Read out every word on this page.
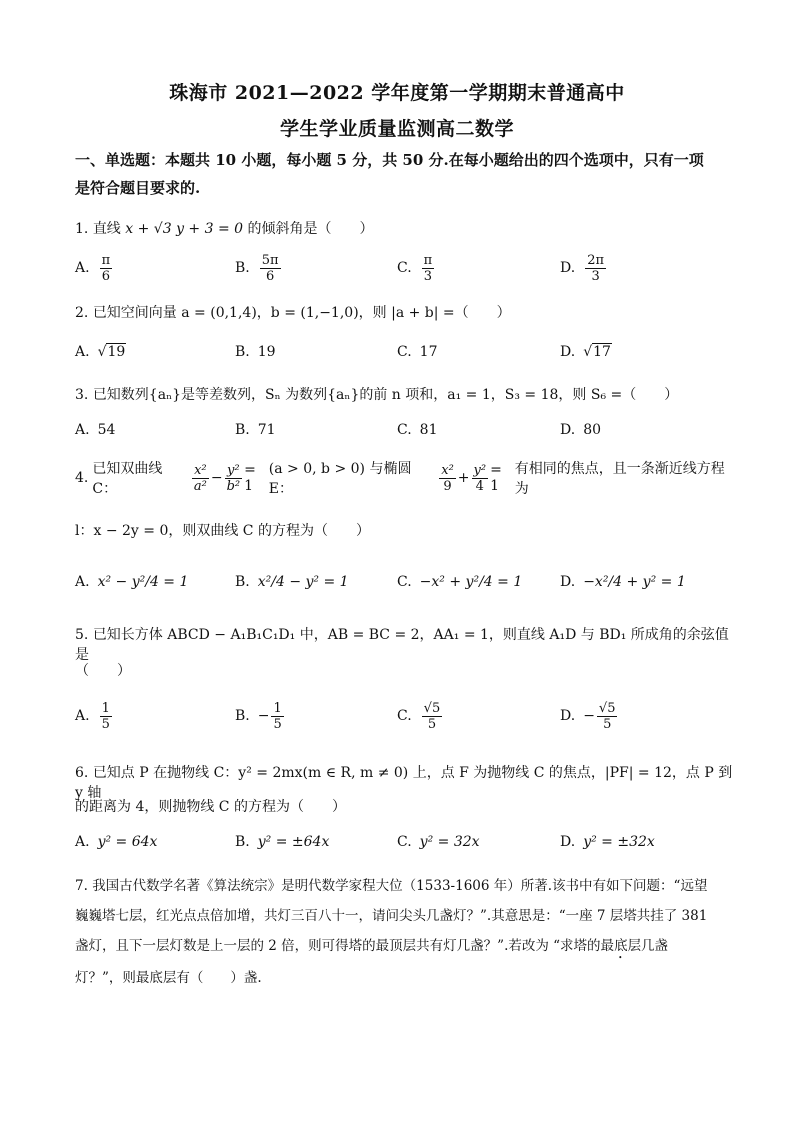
珠海市 2021—2022 学年度第一学期期末普通高中
学生学业质量监测高二数学
一、单选题：本题共 10 小题，每小题 5 分，共 50 分.在每小题给出的四个选项中，只有一项
是符合题目要求的.
1. 直线 x + √3 y + 3 = 0 的倾斜角是（　　）
A. $\frac{\pi}{6}$	B. $\frac{5\pi}{6}$	C. $\frac{\pi}{3}$	D. $\frac{2\pi}{3}$
2. 已知空间向量 a = (0,1,4)，b = (1,−1,0)，则 |a + b| =（　　）
A. √19	B. 19	C. 17	D. √17
3. 已知数列{aₙ}是等差数列，Sₙ 为数列{aₙ}的前 n 项和，a₁ = 1，S₃ = 18，则 S₆ =（　　）
A. 54	B. 71	C. 81	D. 80
4.
已知双曲线 C：	$\frac{\text{x²}}{\text{a²}} - \frac{\text{y²}}{\text{b²}} = 1$
(a > 0, b > 0) 与椭圆 E：	$\frac{\text{x²}}{9} + \frac{\text{y²}}{4} = 1$
有相同的焦点，且一条渐近线方程为
l：x − 2y = 0，则双曲线 C 的方程为（　　）
A. x² − y²/4 = 1	B. x²/4 − y² = 1	C. −x² + y²/4 = 1	D. −x²/4 + y² = 1
5. 已知长方体 ABCD − A₁B₁C₁D₁ 中，AB = BC = 2，AA₁ = 1，则直线 A₁D 与 BD₁ 所成角的余弦值是
（　　）
A. $\frac{1}{5}$	B. − $\frac{1}{5}$	C. $\frac{√5}{5}$	D. − $\frac{√5}{5}$
6. 已知点 P 在抛物线 C：y² = 2mx(m ∈ R, m ≠ 0) 上，点 F 为抛物线 C 的焦点，|PF| = 12，点 P 到 y 轴
的距离为 4，则抛物线 C 的方程为（　　）
A. y² = 64x	B. y² = ±64x	C. y² = 32x	D. y² = ±32x
7. 我国古代数学名著《算法统宗》是明代数学家程大位（1533-1606 年）所著.该书中有如下问题：“远望
巍巍塔七层，红光点点倍加增，共灯三百八十一，请问尖头几盏灯？”.其意思是：“一座 7 层塔共挂了 381
盏灯，且下一层灯数是上一层的 2 倍，则可得塔的最顶层共有灯几盏？”.若改为 “求塔的最底层几盏
灯？”，则最底层有（　　）盏.
